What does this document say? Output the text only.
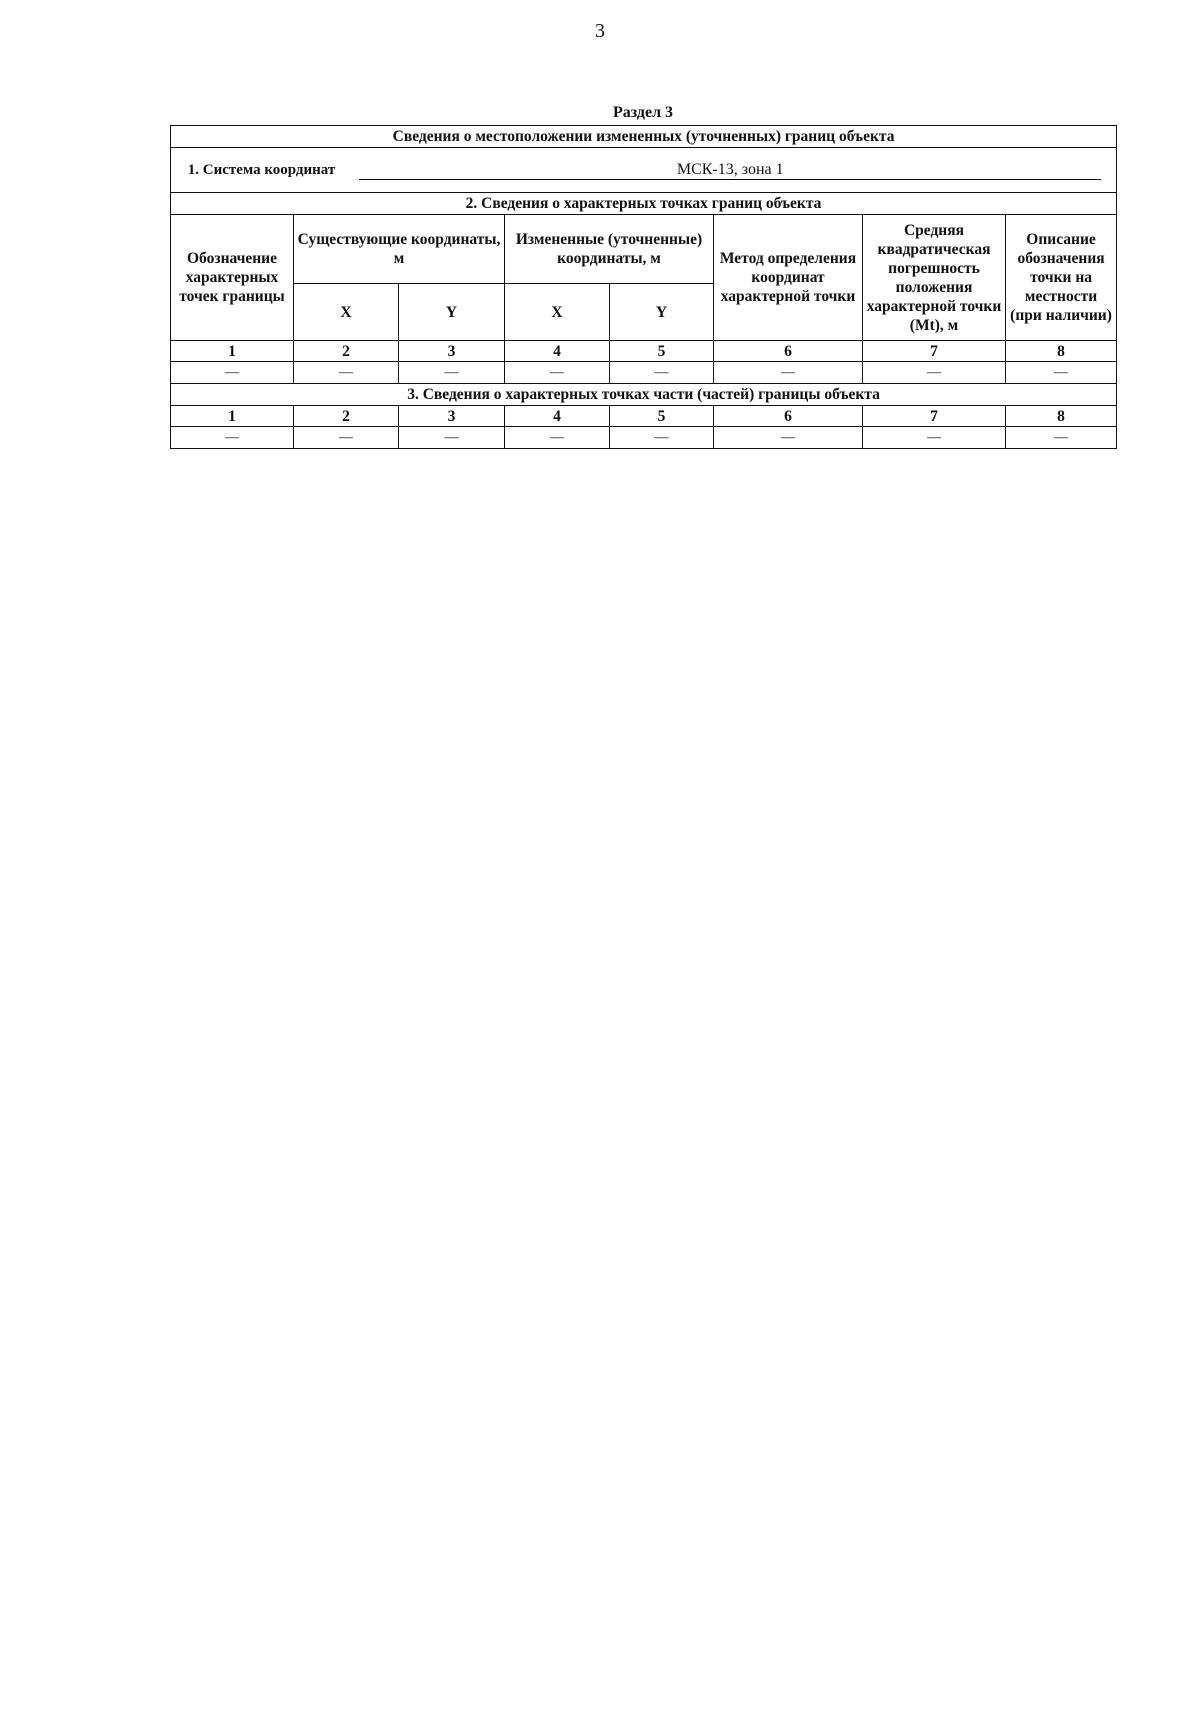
3
Раздел 3
Сведения о местоположении измененных (уточненных) границ объекта							
1. Система координат МСК-13, зона 1							
2. Сведения о характерных точках границ объекта							
Обозначение характерных точек границы	Существующие координаты, м		Измененные (уточненные) координаты, м		Метод определения координат характерной точки	Средняя квадратическая погрешность положения характерной точки (Mt), м	Описание обозначения точки на местности (при наличии)
	X	Y	X	Y			
1	2	3	4	5	6	7	8
—	—	—	—	—	—	—	—
3. Сведения о характерных точках части (частей) границы объекта							
1	2	3	4	5	6	7	8
—	—	—	—	—	—	—	—
